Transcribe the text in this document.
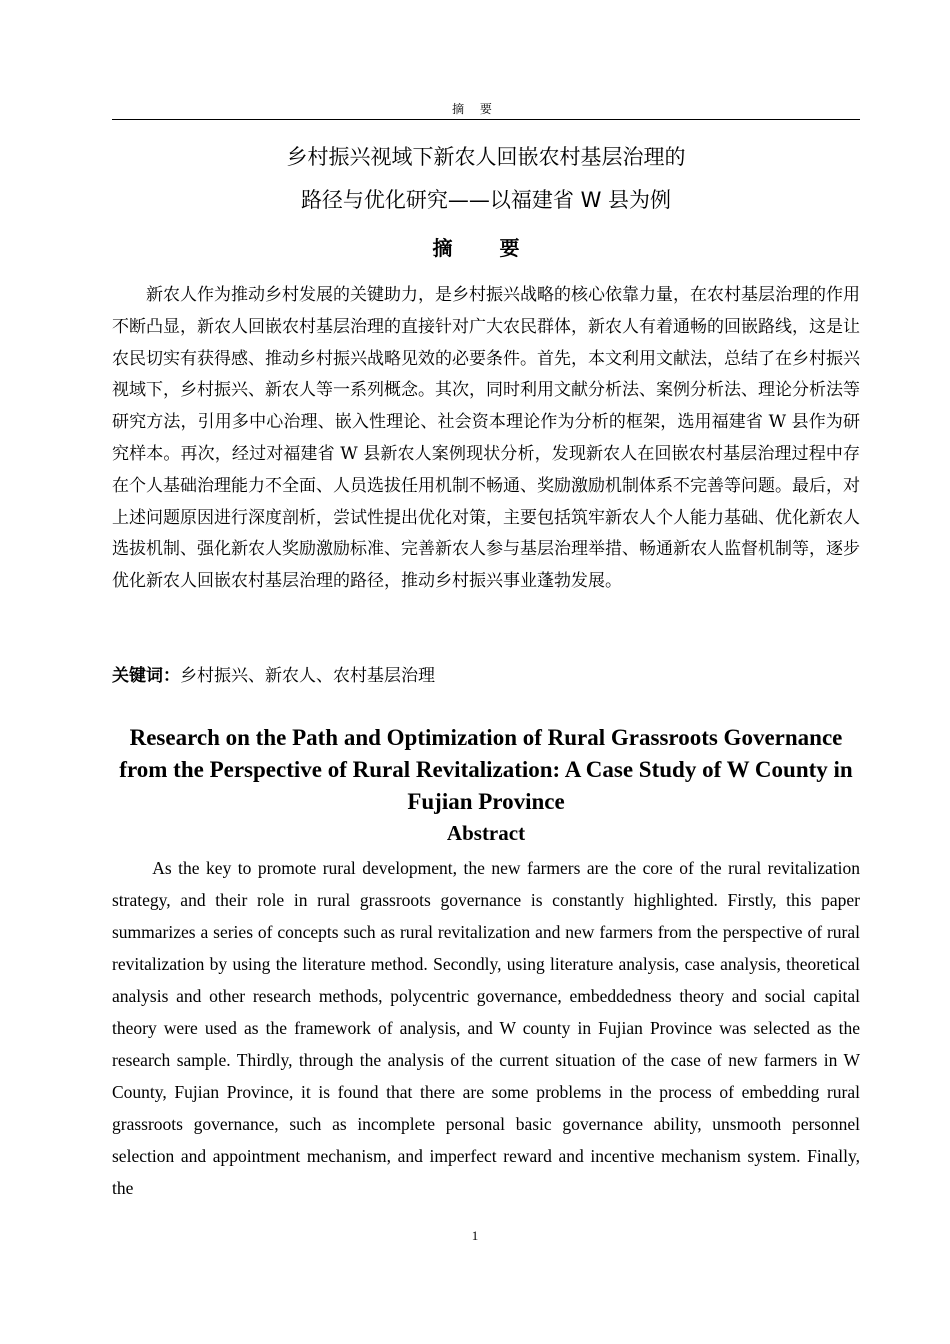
摘 要
乡村振兴视域下新农人回嵌农村基层治理的
路径与优化研究——以福建省 W 县为例
摘 要

新农人作为推动乡村发展的关键助力，是乡村振兴战略的核心依靠力量，在农村基层治理的作用不断凸显，新农人回嵌农村基层治理的直接针对广大农民群体，新农人有着通畅的回嵌路线，这是让农民切实有获得感、推动乡村振兴战略见效的必要条件。首先，本文利用文献法，总结了在乡村振兴视域下，乡村振兴、新农人等一系列概念。其次，同时利用文献分析法、案例分析法、理论分析法等研究方法，引用多中心治理、嵌入性理论、社会资本理论作为分析的框架，选用福建省 W 县作为研究样本。再次，经过对福建省 W 县新农人案例现状分析，发现新农人在回嵌农村基层治理过程中存在个人基础治理能力不全面、人员选拔任用机制不畅通、奖励激励机制体系不完善等问题。最后，对上述问题原因进行深度剖析，尝试性提出优化对策，主要包括筑牢新农人个人能力基础、优化新农人选拔机制、强化新农人奖励激励标准、完善新农人参与基层治理举措、畅通新农人监督机制等，逐步优化新农人回嵌农村基层治理的路径，推动乡村振兴事业蓬勃发展。

关键词：乡村振兴、新农人、农村基层治理
Research on the Path and Optimization of Rural Grassroots Governance from the Perspective of Rural Revitalization: A Case Study of W County in Fujian Province
Abstract

As the key to promote rural development, the new farmers are the core of the rural revitalization strategy, and their role in rural grassroots governance is constantly highlighted. Firstly, this paper summarizes a series of concepts such as rural revitalization and new farmers from the perspective of rural revitalization by using the literature method. Secondly, using literature analysis, case analysis, theoretical analysis and other research methods, polycentric governance, embeddedness theory and social capital theory were used as the framework of analysis, and W county in Fujian Province was selected as the research sample. Thirdly, through the analysis of the current situation of the case of new farmers in W County, Fujian Province, it is found that there are some problems in the process of embedding rural grassroots governance, such as incomplete personal basic governance ability, unsmooth personnel selection and appointment mechanism, and imperfect reward and incentive mechanism system. Finally, the

1
